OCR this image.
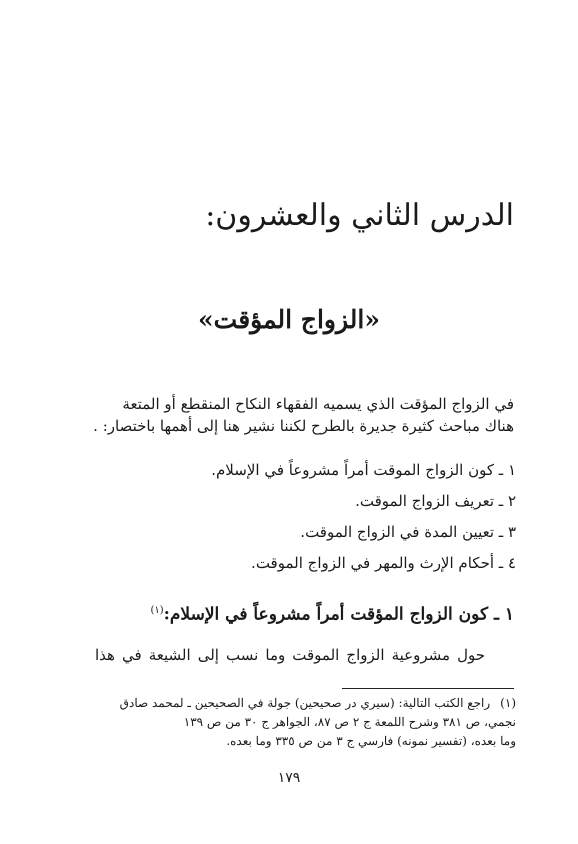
الدرس الثاني والعشرون:
«الزواج المؤقت»
في الزواج المؤقت الذي يسميه الفقهاء النكاح المنقطع أو المتعة
هناك مباحث كثيرة جديرة بالطرح لكننا نشير هنا إلى أهمها باختصار: .
١ ـ كون الزواج الموقت أمراً مشروعاً في الإسلام.
٢ ـ تعريف الزواج الموقت.
٣ ـ تعيين المدة في الزواج الموقت.
٤ ـ أحكام الإرث والمهر في الزواج الموقت.
١ ـ كون الزواج المؤقت أمراً مشروعاً في الإسلام:$^{(١)}$
حول مشروعية الزواج الموقت وما نسب إلى الشيعة في هذا
(١)راجع الكتب التالية: (سيري در صحيحين) جولة في الصحيحين ـ لمحمد صادق
نجمي، ص ٣٨١ وشرح اللمعة ج ٢ ص ٨٧، الجواهر ج ٣٠ من ص ١٣٩
وما بعده، (تفسير نمونه) فارسي ج ٣ من ص ٣٣٥ وما بعده.
١٧٩
